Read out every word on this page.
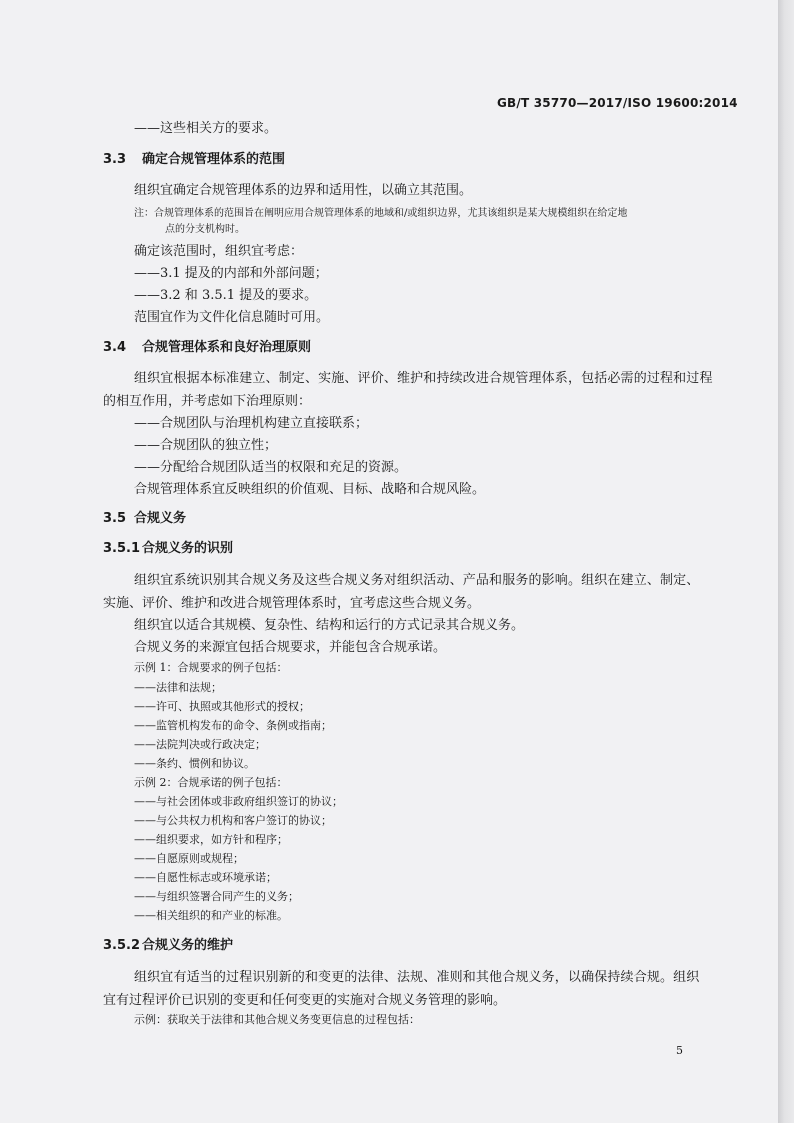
GB/T 35770—2017/ISO 19600:2014
——这些相关方的要求。
3.3 确定合规管理体系的范围
组织宜确定合规管理体系的边界和适用性，以确立其范围。
注：合规管理体系的范围旨在阐明应用合规管理体系的地域和/或组织边界，尤其该组织是某大规模组织在给定地
点的分支机构时。
确定该范围时，组织宜考虑：
——3.1 提及的内部和外部问题；
——3.2 和 3.5.1 提及的要求。
范围宜作为文件化信息随时可用。
3.4 合规管理体系和良好治理原则
组织宜根据本标准建立、制定、实施、评价、维护和持续改进合规管理体系，包括必需的过程和过程
的相互作用，并考虑如下治理原则：
——合规团队与治理机构建立直接联系；
——合规团队的独立性；
——分配给合规团队适当的权限和充足的资源。
合规管理体系宜反映组织的价值观、目标、战略和合规风险。
3.5 合规义务
3.5.1 合规义务的识别
组织宜系统识别其合规义务及这些合规义务对组织活动、产品和服务的影响。组织在建立、制定、
实施、评价、维护和改进合规管理体系时，宜考虑这些合规义务。
组织宜以适合其规模、复杂性、结构和运行的方式记录其合规义务。
合规义务的来源宜包括合规要求，并能包含合规承诺。
示例 1：合规要求的例子包括：
——法律和法规；
——许可、执照或其他形式的授权；
——监管机构发布的命令、条例或指南；
——法院判决或行政决定；
——条约、惯例和协议。
示例 2：合规承诺的例子包括：
——与社会团体或非政府组织签订的协议；
——与公共权力机构和客户签订的协议；
——组织要求，如方针和程序；
——自愿原则或规程；
——自愿性标志或环境承诺；
——与组织签署合同产生的义务；
——相关组织的和产业的标准。
3.5.2 合规义务的维护
组织宜有适当的过程识别新的和变更的法律、法规、准则和其他合规义务，以确保持续合规。组织
宜有过程评价已识别的变更和任何变更的实施对合规义务管理的影响。
示例：获取关于法律和其他合规义务变更信息的过程包括：
5
